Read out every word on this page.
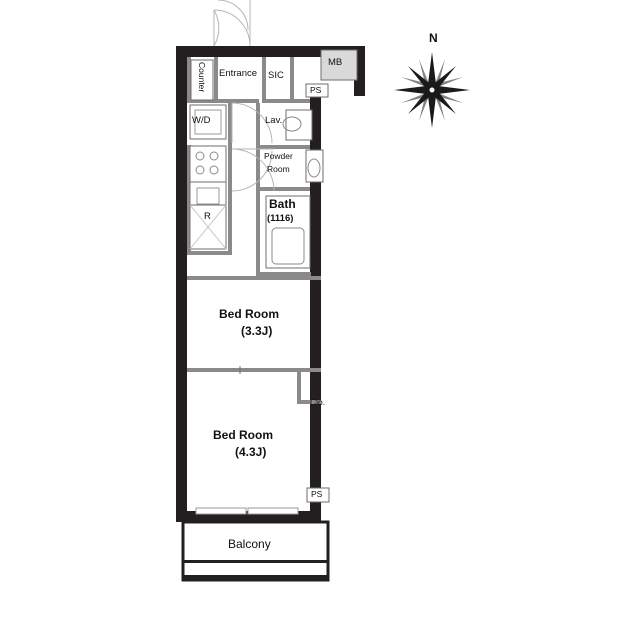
Counter Entrance SIC
MB
PS
W/D	Lav.
Powder
Room
Bath
(1116)
R
Bed Room
(3.3J)
Clo.
Bed Room
(4.3J)
PS
Balcony
N
